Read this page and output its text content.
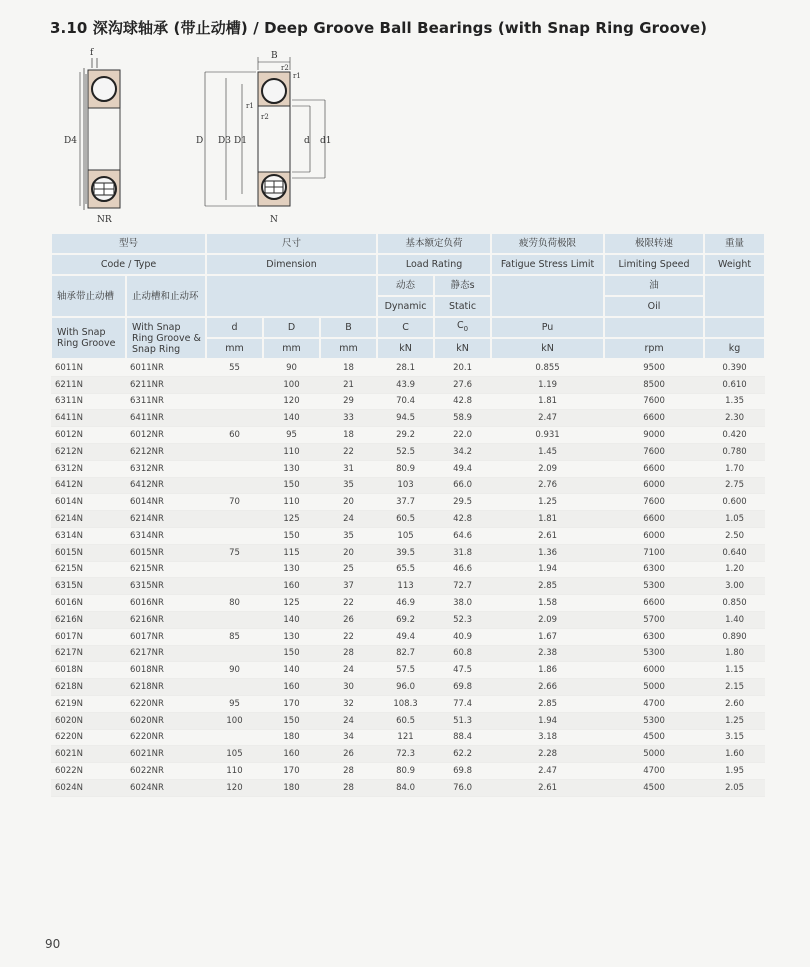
3.10 深沟球轴承 (带止动槽) / Deep Groove Ball Bearings (with Snap Ring Groove)
f
D4
NR
B
r2
r1
r1
r2
D D3 D1	d d1
N
型号		尺寸			基本额定负荷		疲劳负荷极限	极限转速	重量
Code / Type		Dimension			Load Rating		Fatigue Stress Limit	Limiting Speed	Weight
轴承带止动槽	止动槽和止动环				动态	静态s		油	
					Dynamic	Static		Oil	
With Snap Ring Groove	With Snap Ring Groove & Snap Ring	d	D	B	C	$C_0$	Pu		
		mm	mm	mm	kN	kN	kN	rpm	kg
6011N	6011NR	55	90	18	28.1	20.1	0.855	9500	0.390
6211N	6211NR		100	21	43.9	27.6	1.19	8500	0.610
6311N	6311NR		120	29	70.4	42.8	1.81	7600	1.35
6411N	6411NR		140	33	94.5	58.9	2.47	6600	2.30
6012N	6012NR	60	95	18	29.2	22.0	0.931	9000	0.420
6212N	6212NR		110	22	52.5	34.2	1.45	7600	0.780
6312N	6312NR		130	31	80.9	49.4	2.09	6600	1.70
6412N	6412NR		150	35	103	66.0	2.76	6000	2.75
6014N	6014NR	70	110	20	37.7	29.5	1.25	7600	0.600
6214N	6214NR		125	24	60.5	42.8	1.81	6600	1.05
6314N	6314NR		150	35	105	64.6	2.61	6000	2.50
6015N	6015NR	75	115	20	39.5	31.8	1.36	7100	0.640
6215N	6215NR		130	25	65.5	46.6	1.94	6300	1.20
6315N	6315NR		160	37	113	72.7	2.85	5300	3.00
6016N	6016NR	80	125	22	46.9	38.0	1.58	6600	0.850
6216N	6216NR		140	26	69.2	52.3	2.09	5700	1.40
6017N	6017NR	85	130	22	49.4	40.9	1.67	6300	0.890
6217N	6217NR		150	28	82.7	60.8	2.38	5300	1.80
6018N	6018NR	90	140	24	57.5	47.5	1.86	6000	1.15
6218N	6218NR		160	30	96.0	69.8	2.66	5000	2.15
6219N	6220NR	95	170	32	108.3	77.4	2.85	4700	2.60
6020N	6020NR	100	150	24	60.5	51.3	1.94	5300	1.25
6220N	6220NR		180	34	121	88.4	3.18	4500	3.15
6021N	6021NR	105	160	26	72.3	62.2	2.28	5000	1.60
6022N	6022NR	110	170	28	80.9	69.8	2.47	4700	1.95
6024N	6024NR	120	180	28	84.0	76.0	2.61	4500	2.05
90
